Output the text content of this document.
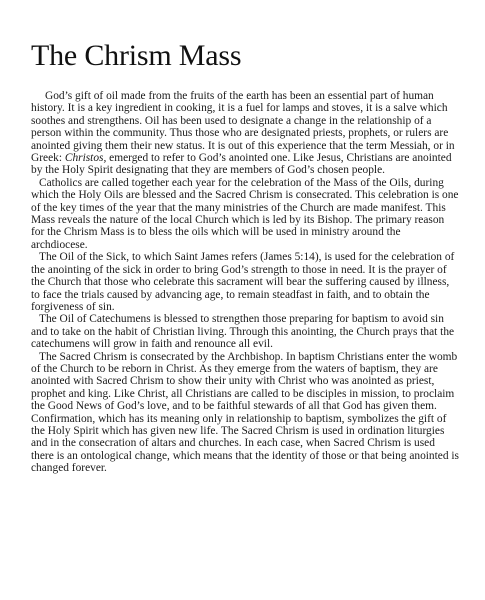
The Chrism Mass

God’s gift of oil made from the fruits of the earth has been an essential part of human history. It is a key ingredient in cooking, it is a fuel for lamps and stoves, it is a salve which soothes and strengthens. Oil has been used to designate a change in the relationship of a person within the community. Thus those who are designated priests, prophets, or rulers are anointed giving them their new status. It is out of this experience that the term Messiah, or in Greek: Christos, emerged to refer to God’s anointed one. Like Jesus, Christians are anointed by the Holy Spirit designating that they are members of God’s chosen people.

Catholics are called together each year for the celebration of the Mass of the Oils, during which the Holy Oils are blessed and the Sacred Chrism is consecrated. This celebration is one of the key times of the year that the many ministries of the Church are made manifest. This Mass reveals the nature of the local Church which is led by its Bishop. The primary reason for the Chrism Mass is to bless the oils which will be used in ministry around the archdiocese.

The Oil of the Sick, to which Saint James refers (James 5:14), is used for the celebration of the anointing of the sick in order to bring God’s strength to those in need. It is the prayer of the Church that those who celebrate this sacrament will bear the suffering caused by illness, to face the trials caused by advancing age, to remain steadfast in faith, and to obtain the forgiveness of sin.

The Oil of Catechumens is blessed to strengthen those preparing for baptism to avoid sin and to take on the habit of Christian living. Through this anointing, the Church prays that the catechumens will grow in faith and renounce all evil.

The Sacred Chrism is consecrated by the Archbishop. In baptism Christians enter the womb of the Church to be reborn in Christ. As they emerge from the waters of baptism, they are anointed with Sacred Chrism to show their unity with Christ who was anointed as priest, prophet and king. Like Christ, all Christians are called to be disciples in mission, to proclaim the Good News of God’s love, and to be faithful stewards of all that God has given them. Confirmation, which has its meaning only in relationship to baptism, symbolizes the gift of the Holy Spirit which has given new life. The Sacred Chrism is used in ordination liturgies and in the consecration of altars and churches. In each case, when Sacred Chrism is used there is an ontological change, which means that the identity of those or that being anointed is changed forever.
